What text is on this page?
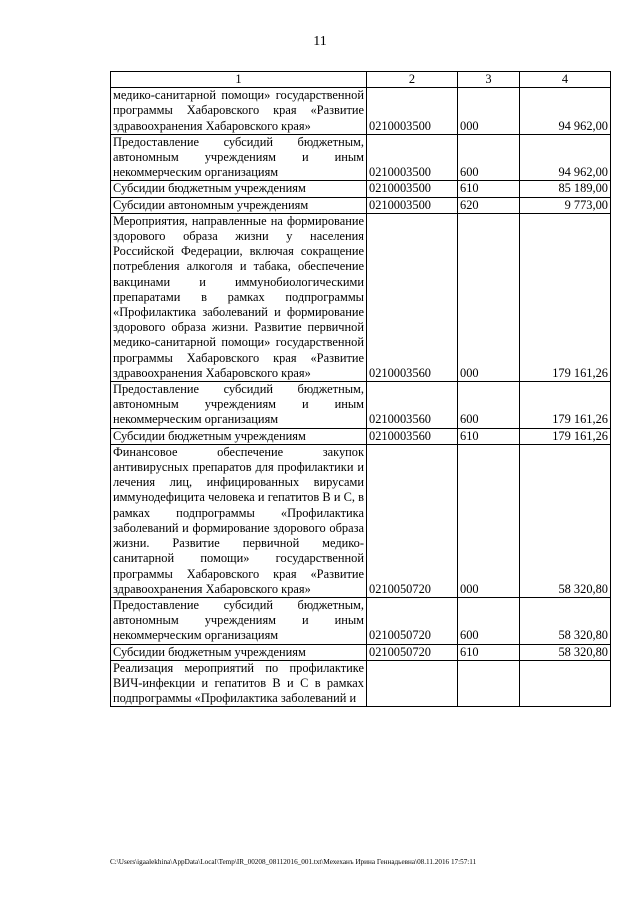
11
1	2	3	4
медико-санитарной помощи» государственной программы Хабаровского края «Развитие здравоохранения Хабаровского края»	0210003500	000	94 962,00
Предоставление субсидий бюджетным, автономным учреждениям и иным некоммерческим организациям	0210003500	600	94 962,00
Субсидии бюджетным учреждениям	0210003500	610	85 189,00
Субсидии автономным учреждениям	0210003500	620	9 773,00
Мероприятия, направленные на формирование здорового образа жизни у населения Российской Федерации, включая сокращение потребления алкоголя и табака, обеспечение вакцинами и иммунобиологическими препаратами в рамках подпрограммы «Профилактика заболеваний и формирование здорового образа жизни. Развитие первичной медико-санитарной помощи» государственной программы Хабаровского края «Развитие здравоохранения Хабаровского края»	0210003560	000	179 161,26
Предоставление субсидий бюджетным, автономным учреждениям и иным некоммерческим организациям	0210003560	600	179 161,26
Субсидии бюджетным учреждениям	0210003560	610	179 161,26
Финансовое обеспечение закупок антивирусных препаратов для профилактики и лечения лиц, инфицированных вирусами иммунодефицита человека и гепатитов B и C, в рамках подпрограммы «Профилактика заболеваний и формирование здорового образа жизни. Развитие первичной медико-санитарной помощи» государственной программы Хабаровского края «Развитие здравоохранения Хабаровского края»	0210050720	000	58 320,80
Предоставление субсидий бюджетным, автономным учреждениям и иным некоммерческим организациям	0210050720	600	58 320,80
Субсидии бюджетным учреждениям	0210050720	610	58 320,80
Реализация мероприятий по профилактике ВИЧ-инфекции и гепатитов B и C в рамках подпрограммы «Профилактика заболеваний и			
C:\Users\igaalekhina\AppData\Local\Temp\IR_00208_08112016_001.txt\Мехеханъ Ирина Геннадьевна\08.11.2016 17:57:11
